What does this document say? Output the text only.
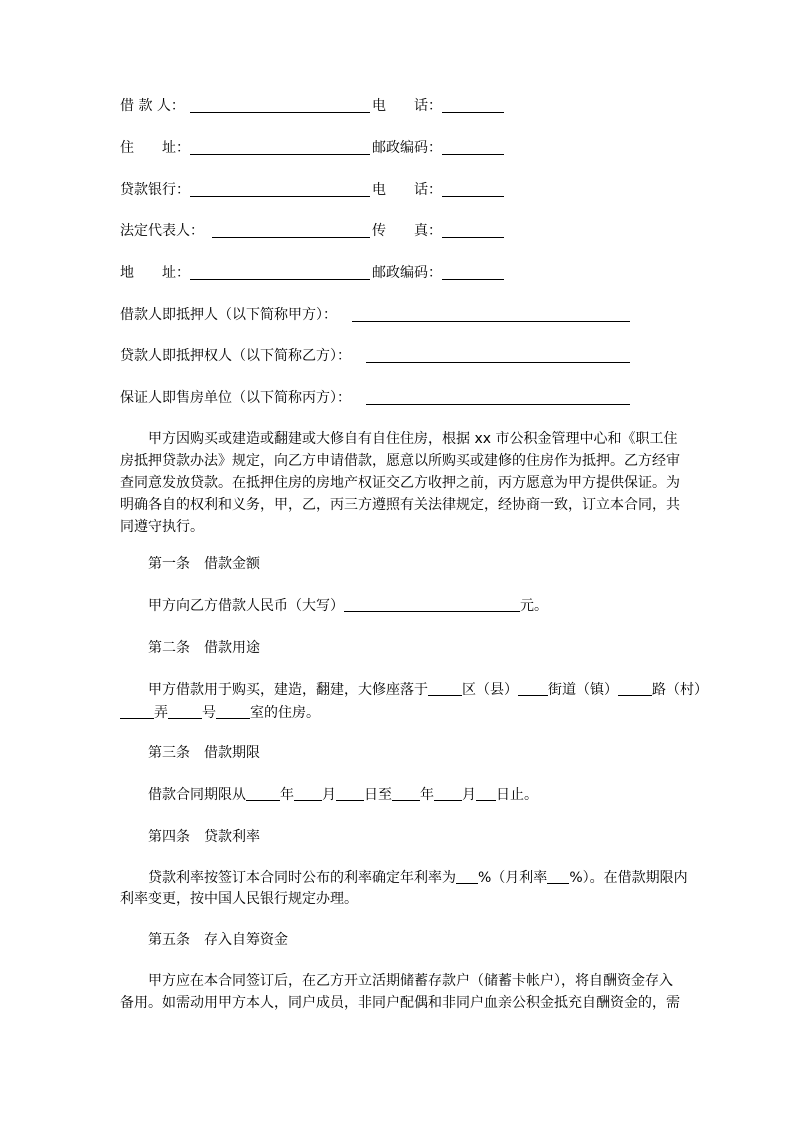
借 款 人：	电 话：
住 址：	邮政编码：
贷款银行：	电 话：
法定代表人：	传 真：
地 址：	邮政编码：
借款人即抵押人（以下简称甲方）：
贷款人即抵押权人（以下简称乙方）：
保证人即售房单位（以下简称丙方）：
甲方因购买或建造或翻建或大修自有自住住房，根据 xx 市公积金管理中心和《职工住
房抵押贷款办法》规定，向乙方申请借款，愿意以所购买或建修的住房作为抵押。乙方经审
查同意发放贷款。在抵押住房的房地产权证交乙方收押之前，丙方愿意为甲方提供保证。为
明确各自的权利和义务，甲，乙，丙三方遵照有关法律规定，经协商一致，订立本合同，共
同遵守执行。
第一条　借款金额
甲方向乙方借款人民币（大写）	元。
第二条　借款用途
甲方借款用于购买，建造，翻建，大修座落于 区（县） 街道（镇） 路（村）
弄 号 室的住房。
第三条　借款期限
借款合同期限从 年 月 日至 年 月 日止。
第四条　贷款利率
贷款利率按签订本合同时公布的利率确定年利率为 %（月利率 %）。在借款期限内
利率变更，按中国人民银行规定办理。
第五条　存入自筹资金
甲方应在本合同签订后，在乙方开立活期储蓄存款户（储蓄卡帐户），将自酬资金存入
备用。如需动用甲方本人，同户成员，非同户配偶和非同户血亲公积金抵充自酬资金的，需
